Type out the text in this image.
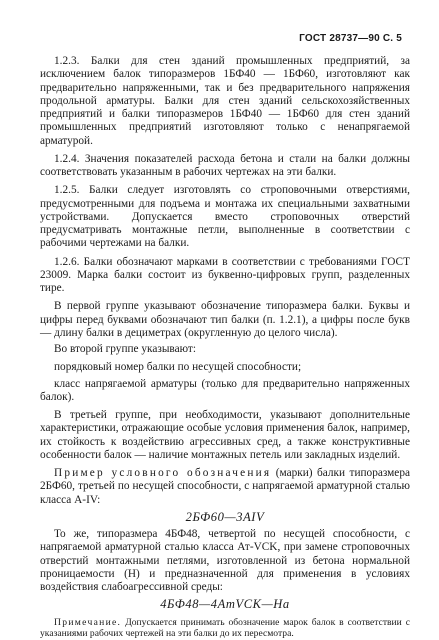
ГОСТ 28737—90 С. 5

1.2.3. Балки для стен зданий промышленных предприятий, за исключением балок типоразмеров 1БФ40 — 1БФ60, изготовляют как предварительно напряженными, так и без предварительного напряжения продольной арматуры. Балки для стен зданий сельскохозяйственных предприятий и балки типоразмеров 1БФ40 — 1БФ60 для стен зданий промышленных предприятий изготовляют только с ненапрягаемой арматурой.

1.2.4. Значения показателей расхода бетона и стали на балки должны соответствовать указанным в рабочих чертежах на эти балки.

1.2.5. Балки следует изготовлять со строповочными отверстиями, предусмотренными для подъема и монтажа их специальными захватными устройствами. Допускается вместо строповочных отверстий предусматривать монтажные петли, выполненные в соответствии с рабочими чертежами на балки.

1.2.6. Балки обозначают марками в соответствии с требованиями ГОСТ 23009. Марка балки состоит из буквенно-цифровых групп, разделенных тире.

В первой группе указывают обозначение типоразмера балки. Буквы и цифры перед буквами обозначают тип балки (п. 1.2.1), а цифры после букв — длину балки в дециметрах (округленную до целого числа).

Во второй группе указывают:

порядковый номер балки по несущей способности;

класс напрягаемой арматуры (только для предварительно напряженных балок).

В третьей группе, при необходимости, указывают дополнительные характеристики, отражающие особые условия применения балок, например, их стойкость к воздействию агрессивных сред, а также конструктивные особенности балок — наличие монтажных петель или закладных изделий.

Пример условного обозначения (марки) балки типоразмера 2БФ60, третьей по несущей способности, с напрягаемой арматурной сталью класса A-IV:

2БФ60—3AIV

То же, типоразмера 4БФ48, четвертой по несущей способности, с напрягаемой арматурной сталью класса Ат-VCK, при замене строповочных отверстий монтажными петлями, изготовленной из бетона нормальной проницаемости (Н) и предназначенной для применения в условиях воздействия слабоагрессивной среды:

4БФ48—4AтVCK—На

Примечание. Допускается принимать обозначение марок балок в соответствии с указаниями рабочих чертежей на эти балки до их пересмотра.
